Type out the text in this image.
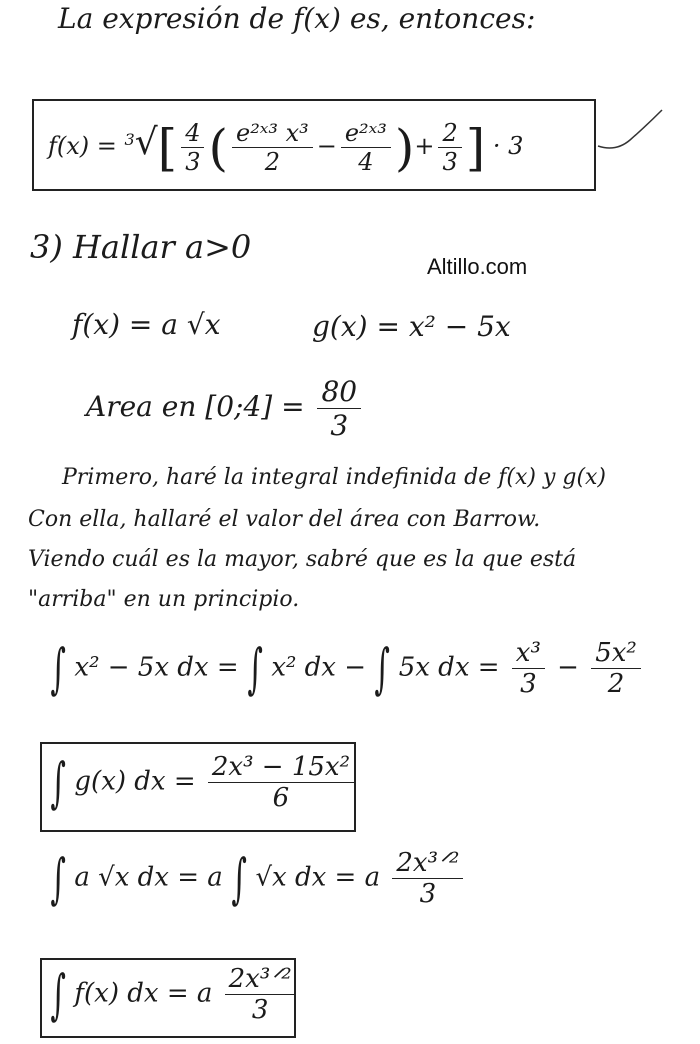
La expresión de f(x) es, entonces:
$f(x) = ^3√[ \frac{4}{3}$ ( $\frac{\text{e²ˣ³ x³}}{2} - \frac{\text{e²ˣ³}}{4}$ )+ $\frac{2}{3}$ ] · 3
3) Hallar a>0
Altillo.com
f(x) = a √x	g(x) = x² − 5x
Area en [0;4] = $\frac{80}{3}$
Primero, haré la integral indefinida de f(x) y g(x)
Con ella, hallaré el valor del área con Barrow.
Viendo cuál es la mayor, sabré que es la que está
"arriba" en un principio.
∫ x² − 5x dx = ∫ x² dx − ∫ 5x dx = $\frac{\text{x³}}{3} - \frac{\text{5x²}}{2}$
∫ g(x) dx = $\frac{\text{2x³ − 15x²}}{6}$
∫ a √x dx = a ∫ √x dx = a $\frac{\text{2x³ᐟ²}}{3}$
∫ f(x) dx = a $\frac{\text{2x³ᐟ²}}{3}$
